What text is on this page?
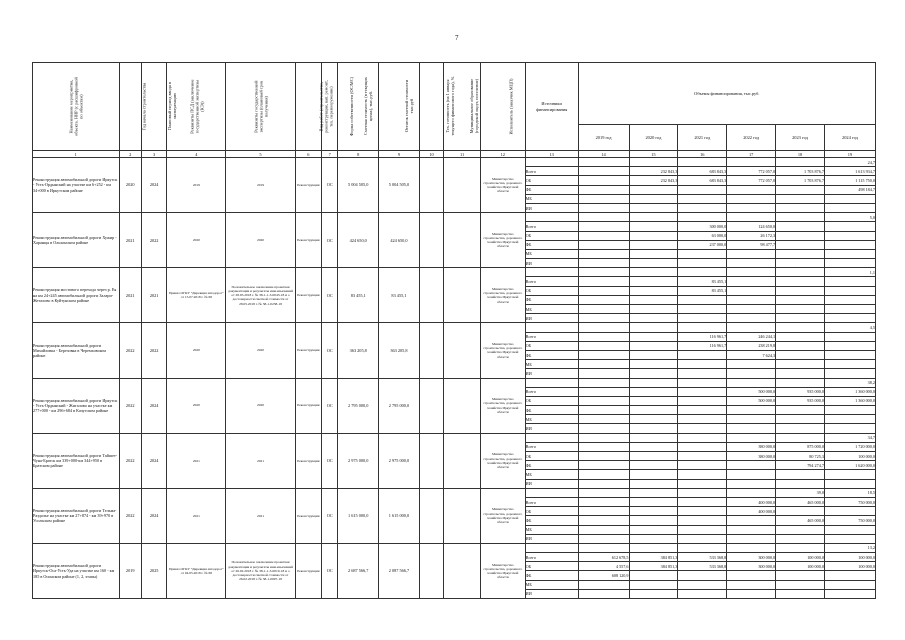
7
Наименование мероприятия, объекта. НИР (с расшифровкой по объектам)	Год начала строительства	Плановый период ввода в эксплуатацию	Реквизиты ПСД (заключение государственной экспертизы (КЭ))	Реквизиты государственной экспертизы (плановый срок получения)	Вид работ (строительство, реконструкция, кап. ремонт, тех. перевооружение)	Форма собственности (ОС/МС)	Сметная стоимость (в текущих ценах), тыс.руб.	Остаток сметной стоимости тыс.руб	Тех. готовность (на 1 января текущего финансового года), %	Муниципальное образование (городской округ, поселение)	Исполнитель (заказчик МЦП)	Источники финансирования	Объемы финансирования, тыс.руб.					
													2019 год	2020 год	2021 год	2022 год	2023 год	2024 год
1	2	3	4	5	6	7	8	9	10	11	12	13	14	15	16	17	18	19
Реконструкция автомобильной дороги Иркутск - Усть-Ордынский на участке км 6+252 - км 34+000 в Иркутском районе	2020	2024	2019	2019	Реконструкция	ОС	5 004 505,0	5 004 505,0			Министерство строительства, дорожного хозяйства Иркутской области							24,7
												Всего		232 843,3	683 843,3	772 057,0	1 703 876,7	1 613 934,7
												ОБ		232 843,3	683 843,3	772 057,0	1 703 876,7	1 115 750,0
												ФБ						498 184,7
												МБ						
												ИИ						
Реконструкция автомобильной дороги Хужир - Харанцы в Ольхонском районе	2021	2022	2020	2020	Реконструкция	ОС	424 650,0	424 650,0			Министерство строительства, дорожного хозяйства Иркутской области							5,0
												Всего			300 000,0	124 650,0		
												ОБ			63 000,0	26 172,3		
												ФБ			237 000,0	98 477,7		
												МБ						
												ИИ						
Реконструкция мостового перехода через р. Ея на км 24+245 автомобильной дороги Залари-Жеталово в Куйтунском районе	2021	2021	Приказ ОГКУ "Дирекция автодорог" от 15.07.2018 г. № 68	Положительное заключение проектная документация и результаты инж.изысканий от 28.05.2018 г. № 38-1-1-3-0043-18 и о достоверности сметной стоимости от 28.05.2018 г. № 38-1-0238-18	Реконструкция	ОС	83 455,1	83 455,1			Министерство строительства, дорожного хозяйства Иркутской области							1,1
												Всего			83 455,1			
												ОБ			83 455,1			
												ФБ						
												МБ						
												ИИ						
Реконструкция автомобильной дороги Михайловка - Березовка в Черемховском районе	2022	2022	2020	2020	Реконструкция	ОС	363 205,8	363 205,8			Министерство строительства, дорожного хозяйства Иркутской области							4,5
												Всего			116 961,7	246 244,1		
												ОБ			116 961,7	238 219,8		
												ФБ				7 624,3		
												МБ						
												ИИ						
Реконструкция автомобильной дороги Иркутск - Усть-Ордынский - Жигалово на участке км 277+000 - км 296+684 в Качугском районе	2022	2024	2020	2020	Реконструкция	ОС	2 795 000,0	2 795 000,0			Министерство строительства, дорожного хозяйства Иркутской области							38,2
												Всего				500 000,0	935 000,0	1 360 000,0
												ОБ				500 000,0	935 000,0	1 360 000,0
												ФБ						
												МБ						
												ИИ						
Реконструкция автомобильной дороги Тайшет-Чуна-Братск км 339+000-км 344+950 в Братском районе	2022	2024	2021	2021	Реконструкция	ОС	2 975 000,0	2 975 000,0			Министерство строительства, дорожного хозяйства Иркутской области							34,7
												Всего				380 000,0	875 000,0	1 720 000,0
												ОБ				380 000,0	80 725,3	100 000,0
												ФБ					794 274,7	1 620 000,0
												МБ						
												ИИ						
Реконструкция автомобильной дороги Тельма-Раздолье на участке км 27+874 - км 39+970 в Усольском районе	2022	2024	2021	2021	Реконструкция	ОС	1 615 000,0	1 615 000,0			Министерство строительства, дорожного хозяйства Иркутской области						39,0	18,5
												Всего				400 000,0	465 000,0	750 000,0
												ОБ				400 000,0		
												ФБ					465 000,0	750 000,0
												МБ						
												ИИ						
Реконструкция автомобильной дороги Иркутск-Оса-Усть-Уда на участке км 160 - км 185 в Осинском районе (1, 2, этапы)	2019	2025	Приказ ОГКУ "Дирекция автодорог" от 04.05.2018 г. № 68	Положительное заключение проектная документация и результаты инж.изысканий от 26.02.2018 г. № 38-1-1-3-0019-18 и о достоверности сметной стоимости от 26.02.2018 г. № 38-1-0097-18	Реконструкция	ОС	2 687 566,7	2 087 566,7			Министерство строительства, дорожного хозяйства Иркутской области							13,2
												Всего	612 678,5	384 851,3	533 368,8	300 000,0	100 000,0	100 000,0
												ОБ	4 557,6	384 851,3	533 368,8	300 000,0	100 000,0	100 000,0
												ФБ	608 120,9					
												МБ						
												ИИ						
